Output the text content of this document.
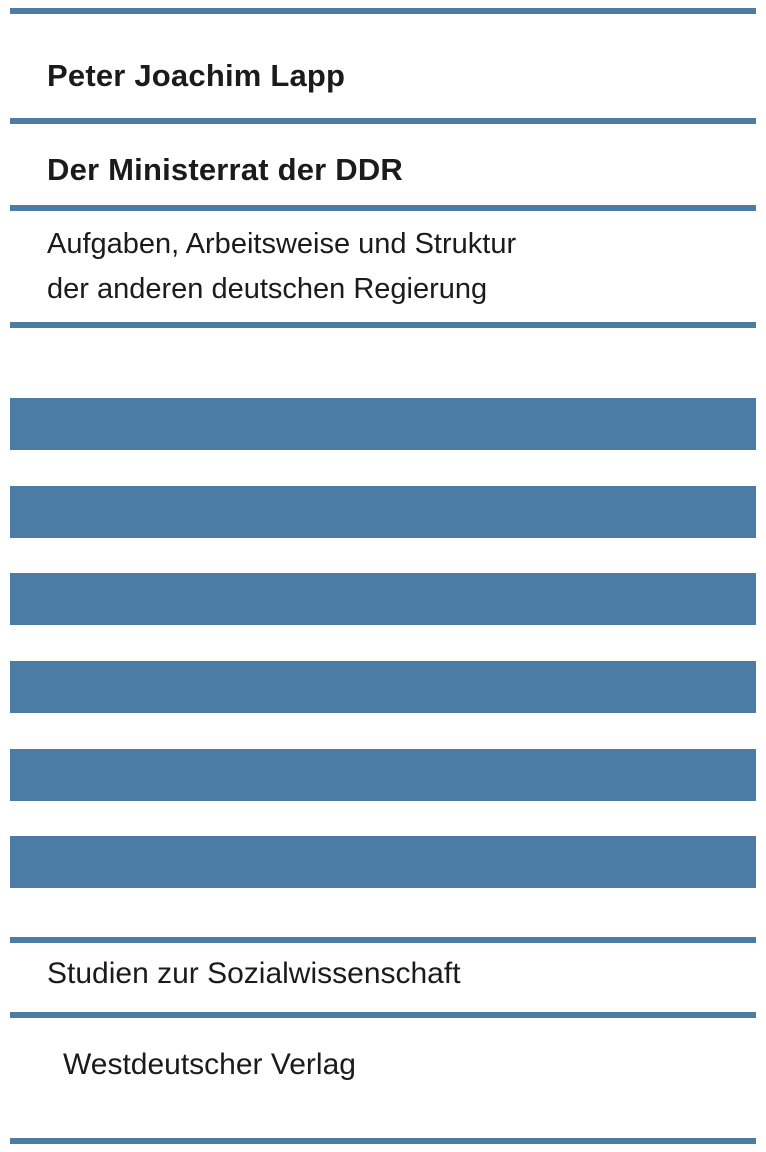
Peter Joachim Lapp
Der Ministerrat der DDR
Aufgaben, Arbeitsweise und Struktur
der anderen deutschen Regierung
Studien zur Sozialwissenschaft
Westdeutscher Verlag
